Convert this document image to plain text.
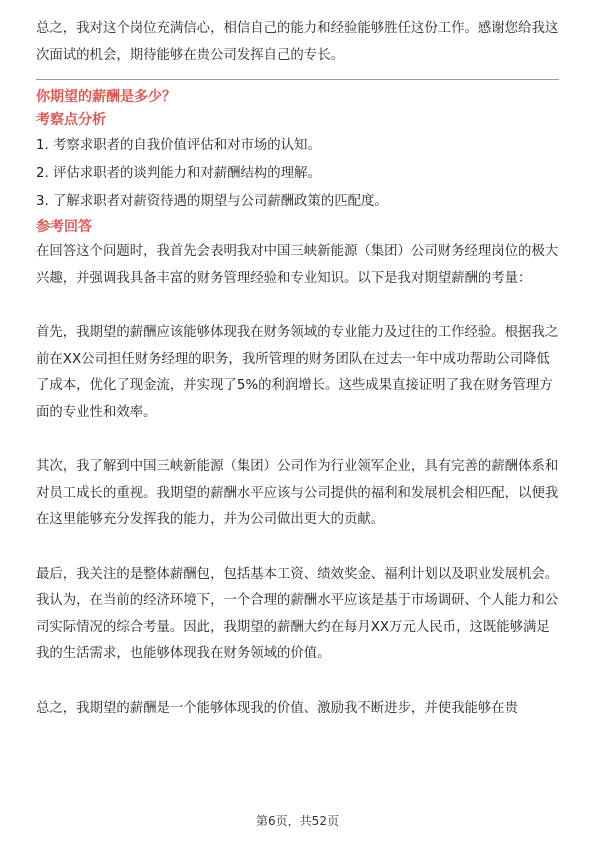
总之，我对这个岗位充满信心，相信自己的能力和经验能够胜任这份工作。感谢您给我这次面试的机会，期待能够在贵公司发挥自己的专长。

你期望的薪酬是多少？
考察点分析
1. 考察求职者的自我价值评估和对市场的认知。
2. 评估求职者的谈判能力和对薪酬结构的理解。
3. 了解求职者对薪资待遇的期望与公司薪酬政策的匹配度。
参考回答

在回答这个问题时，我首先会表明我对中国三峡新能源（集团）公司财务经理岗位的极大兴趣，并强调我具备丰富的财务管理经验和专业知识。以下是我对期望薪酬的考量：

首先，我期望的薪酬应该能够体现我在财务领域的专业能力及过往的工作经验。根据我之前在XX公司担任财务经理的职务，我所管理的财务团队在过去一年中成功帮助公司降低了成本，优化了现金流，并实现了5%的利润增长。这些成果直接证明了我在财务管理方面的专业性和效率。

其次，我了解到中国三峡新能源（集团）公司作为行业领军企业，具有完善的薪酬体系和对员工成长的重视。我期望的薪酬水平应该与公司提供的福利和发展机会相匹配，以便我在这里能够充分发挥我的能力，并为公司做出更大的贡献。

最后，我关注的是整体薪酬包，包括基本工资、绩效奖金、福利计划以及职业发展机会。我认为，在当前的经济环境下，一个合理的薪酬水平应该是基于市场调研、个人能力和公司实际情况的综合考量。因此，我期望的薪酬大约在每月XX万元人民币，这既能够满足我的生活需求，也能够体现我在财务领域的价值。

总之，我期望的薪酬是一个能够体现我的价值、激励我不断进步，并使我能够在贵

第6页，共52页
